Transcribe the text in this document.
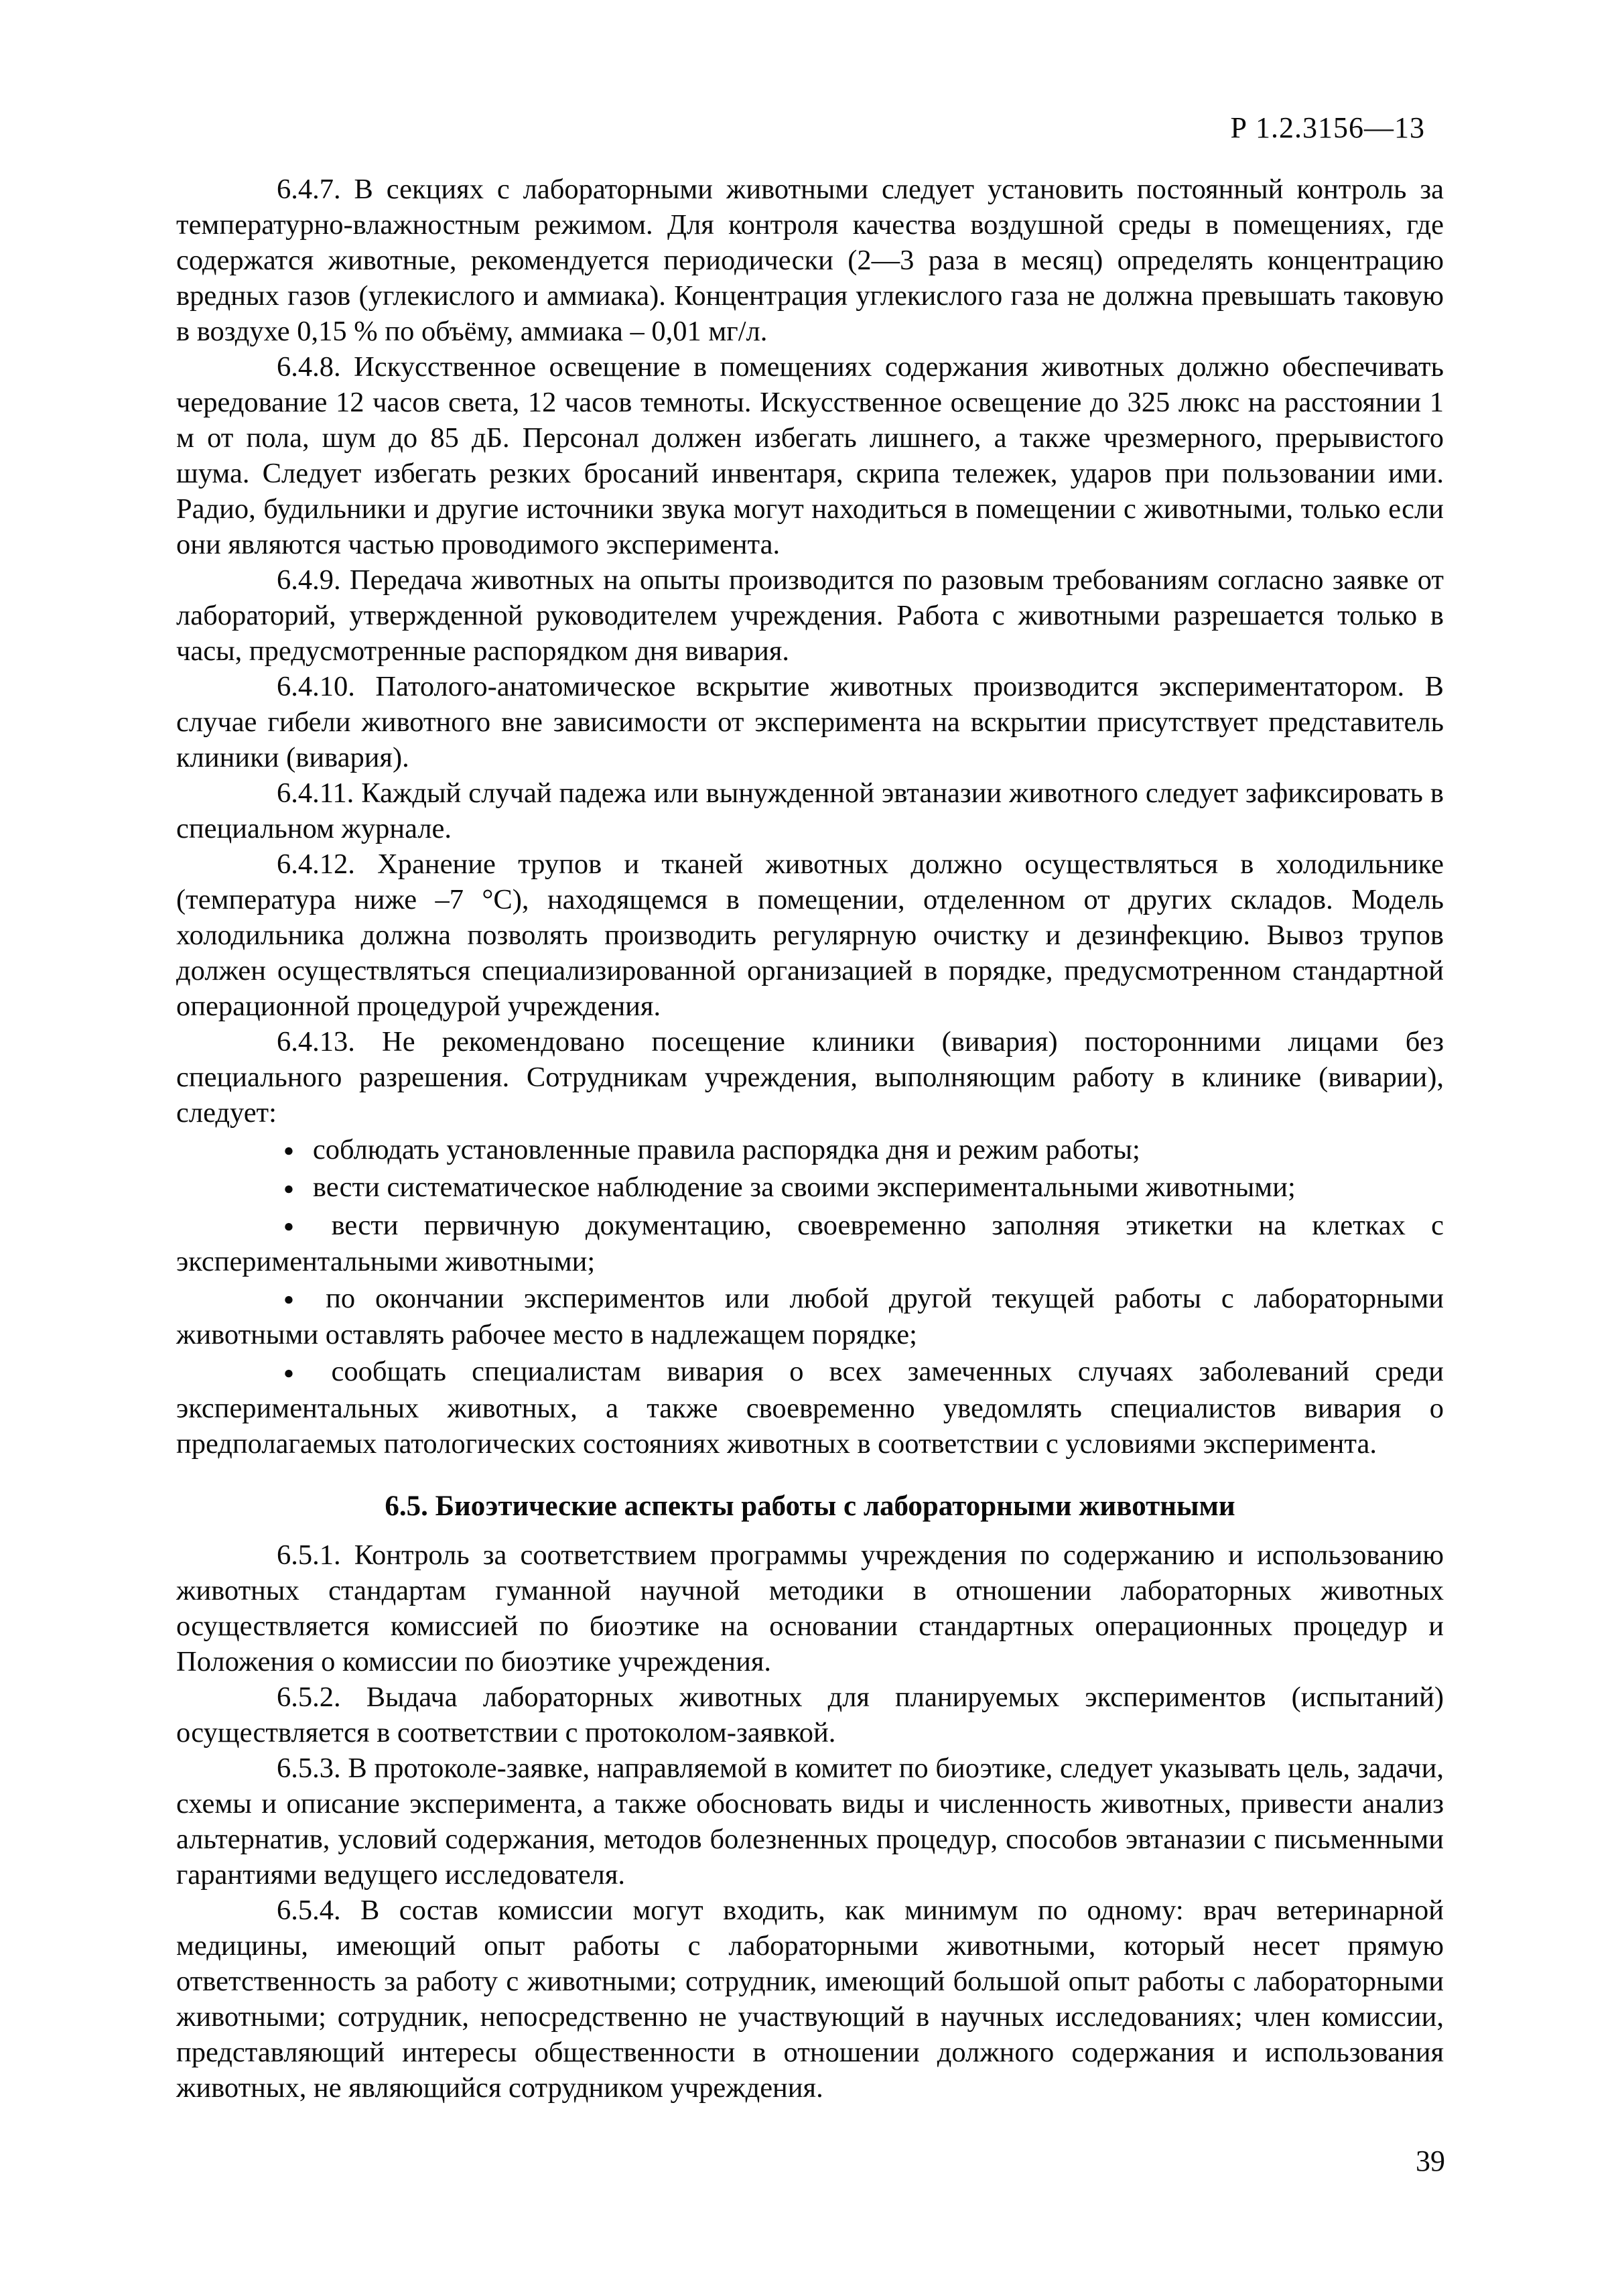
Р 1.2.3156—13

6.4.7. В секциях с лабораторными животными следует установить постоянный контроль за температурно-влажностным режимом. Для контроля качества воздушной среды в помещениях, где содержатся животные, рекомендуется периодически (2—3 раза в месяц) определять концентрацию вредных газов (углекислого и аммиака). Концентрация углекислого газа не должна превышать таковую в воздухе 0,15 % по объёму, аммиака – 0,01 мг/л.

6.4.8. Искусственное освещение в помещениях содержания животных должно обеспечивать чередование 12 часов света, 12 часов темноты. Искусственное освещение до 325 люкс на расстоянии 1 м от пола, шум до 85 дБ. Персонал должен избегать лишнего, а также чрезмерного, прерывистого шума. Следует избегать резких бросаний инвентаря, скрипа тележек, ударов при пользовании ими. Радио, будильники и другие источники звука могут находиться в помещении с животными, только если они являются частью проводимого эксперимента.

6.4.9. Передача животных на опыты производится по разовым требованиям согласно заявке от лабораторий, утвержденной руководителем учреждения. Работа с животными разрешается только в часы, предусмотренные распорядком дня вивария.

6.4.10. Патолого-анатомическое вскрытие животных производится экспериментатором. В случае гибели животного вне зависимости от эксперимента на вскрытии присутствует представитель клиники (вивария).

6.4.11. Каждый случай падежа или вынужденной эвтаназии животного следует зафиксировать в специальном журнале.

6.4.12. Хранение трупов и тканей животных должно осуществляться в холодильнике (температура ниже –7 °С), находящемся в помещении, отделенном от других складов. Модель холодильника должна позволять производить регулярную очистку и дезинфекцию. Вывоз трупов должен осуществляться специализированной организацией в порядке, предусмотренном стандартной операционной процедурой учреждения.

6.4.13. Не рекомендовано посещение клиники (вивария) посторонними лицами без специального разрешения. Сотрудникам учреждения, выполняющим работу в клинике (виварии), следует:

● соблюдать установленные правила распорядка дня и режим работы;
● вести систематическое наблюдение за своими экспериментальными животными;
● вести первичную документацию, своевременно заполняя этикетки на клетках с экспериментальными животными;
● по окончании экспериментов или любой другой текущей работы с лабораторными животными оставлять рабочее место в надлежащем порядке;
● сообщать специалистам вивария о всех замеченных случаях заболеваний среди экспериментальных животных, а также своевременно уведомлять специалистов вивария о предполагаемых патологических состояниях животных в соответствии с условиями эксперимента.
6.5. Биоэтические аспекты работы с лабораторными животными

6.5.1. Контроль за соответствием программы учреждения по содержанию и использованию животных стандартам гуманной научной методики в отношении лабораторных животных осуществляется комиссией по биоэтике на основании стандартных операционных процедур и Положения о комиссии по биоэтике учреждения.

6.5.2. Выдача лабораторных животных для планируемых экспериментов (испытаний) осуществляется в соответствии с протоколом-заявкой.

6.5.3. В протоколе-заявке, направляемой в комитет по биоэтике, следует указывать цель, задачи, схемы и описание эксперимента, а также обосновать виды и численность животных, привести анализ альтернатив, условий содержания, методов болезненных процедур, способов эвтаназии с письменными гарантиями ведущего исследователя.

6.5.4. В состав комиссии могут входить, как минимум по одному: врач ветеринарной медицины, имеющий опыт работы с лабораторными животными, который несет прямую ответственность за работу с животными; сотрудник, имеющий большой опыт работы с лабораторными животными; сотрудник, непосредственно не участвующий в научных исследованиях; член комиссии, представляющий интересы общественности в отношении должного содержания и использования животных, не являющийся сотрудником учреждения.

39
